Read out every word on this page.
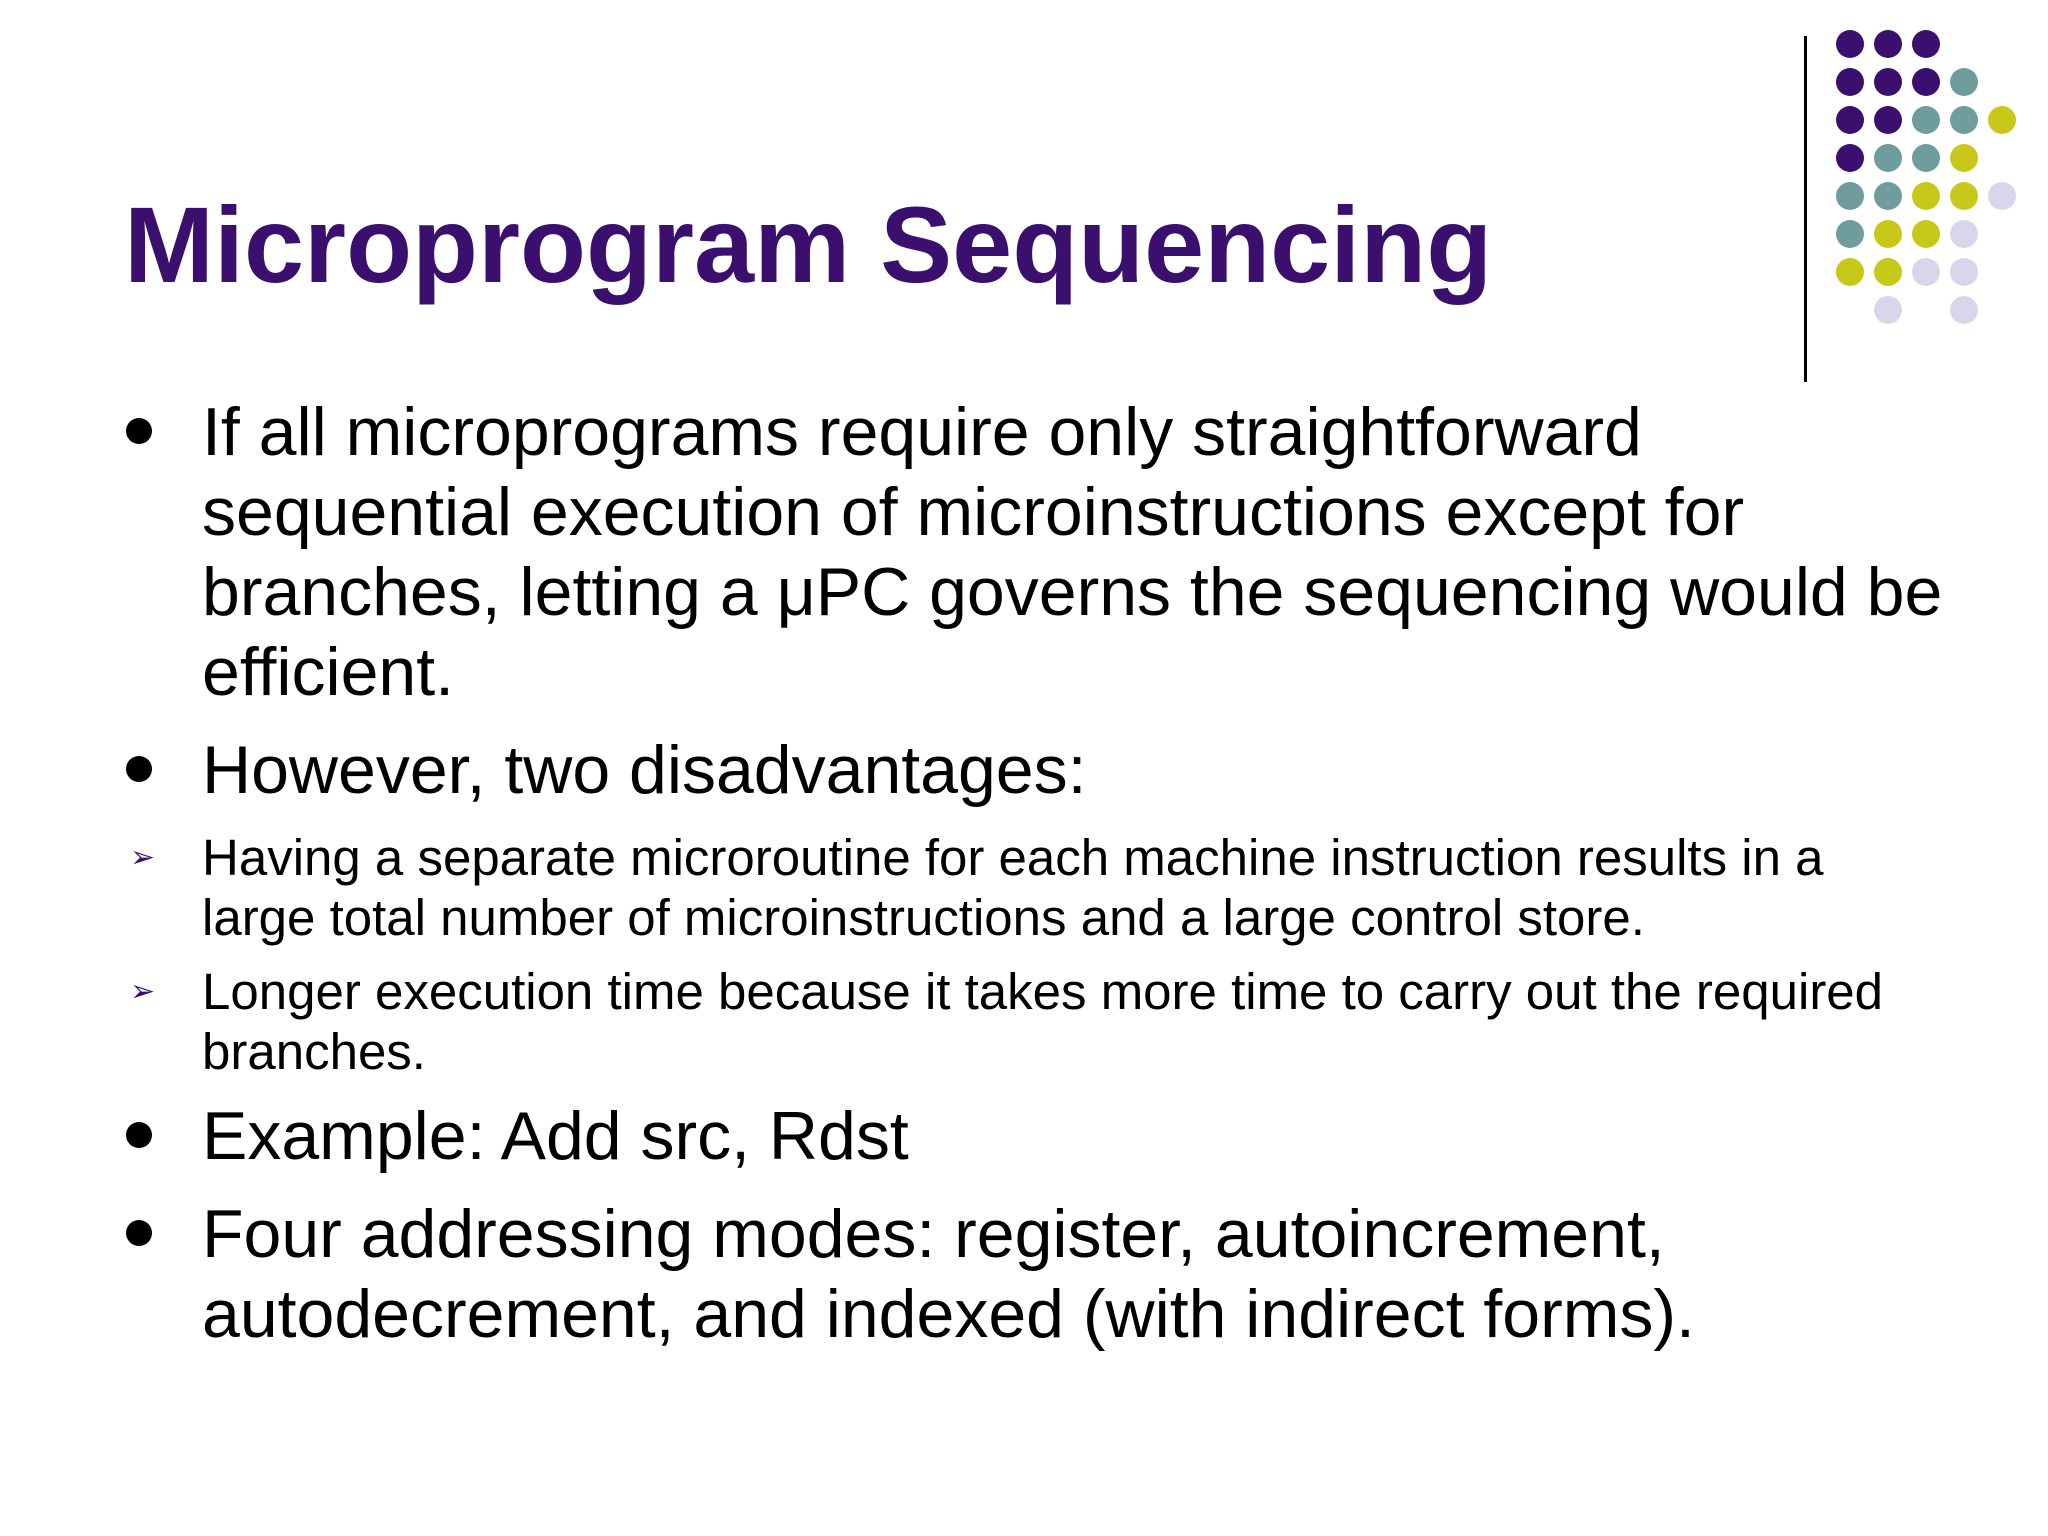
Microprogram Sequencing
If all microprograms require only straightforward sequential execution of microinstructions except for branches, letting a μPC governs the sequencing would be efficient.
However, two disadvantages:
➢ Having a separate microroutine for each machine instruction results in a large total number of microinstructions and a large control store.
➢ Longer execution time because it takes more time to carry out the required branches.
Example: Add src, Rdst
Four addressing modes: register, autoincrement, autodecrement, and indexed (with indirect forms).
